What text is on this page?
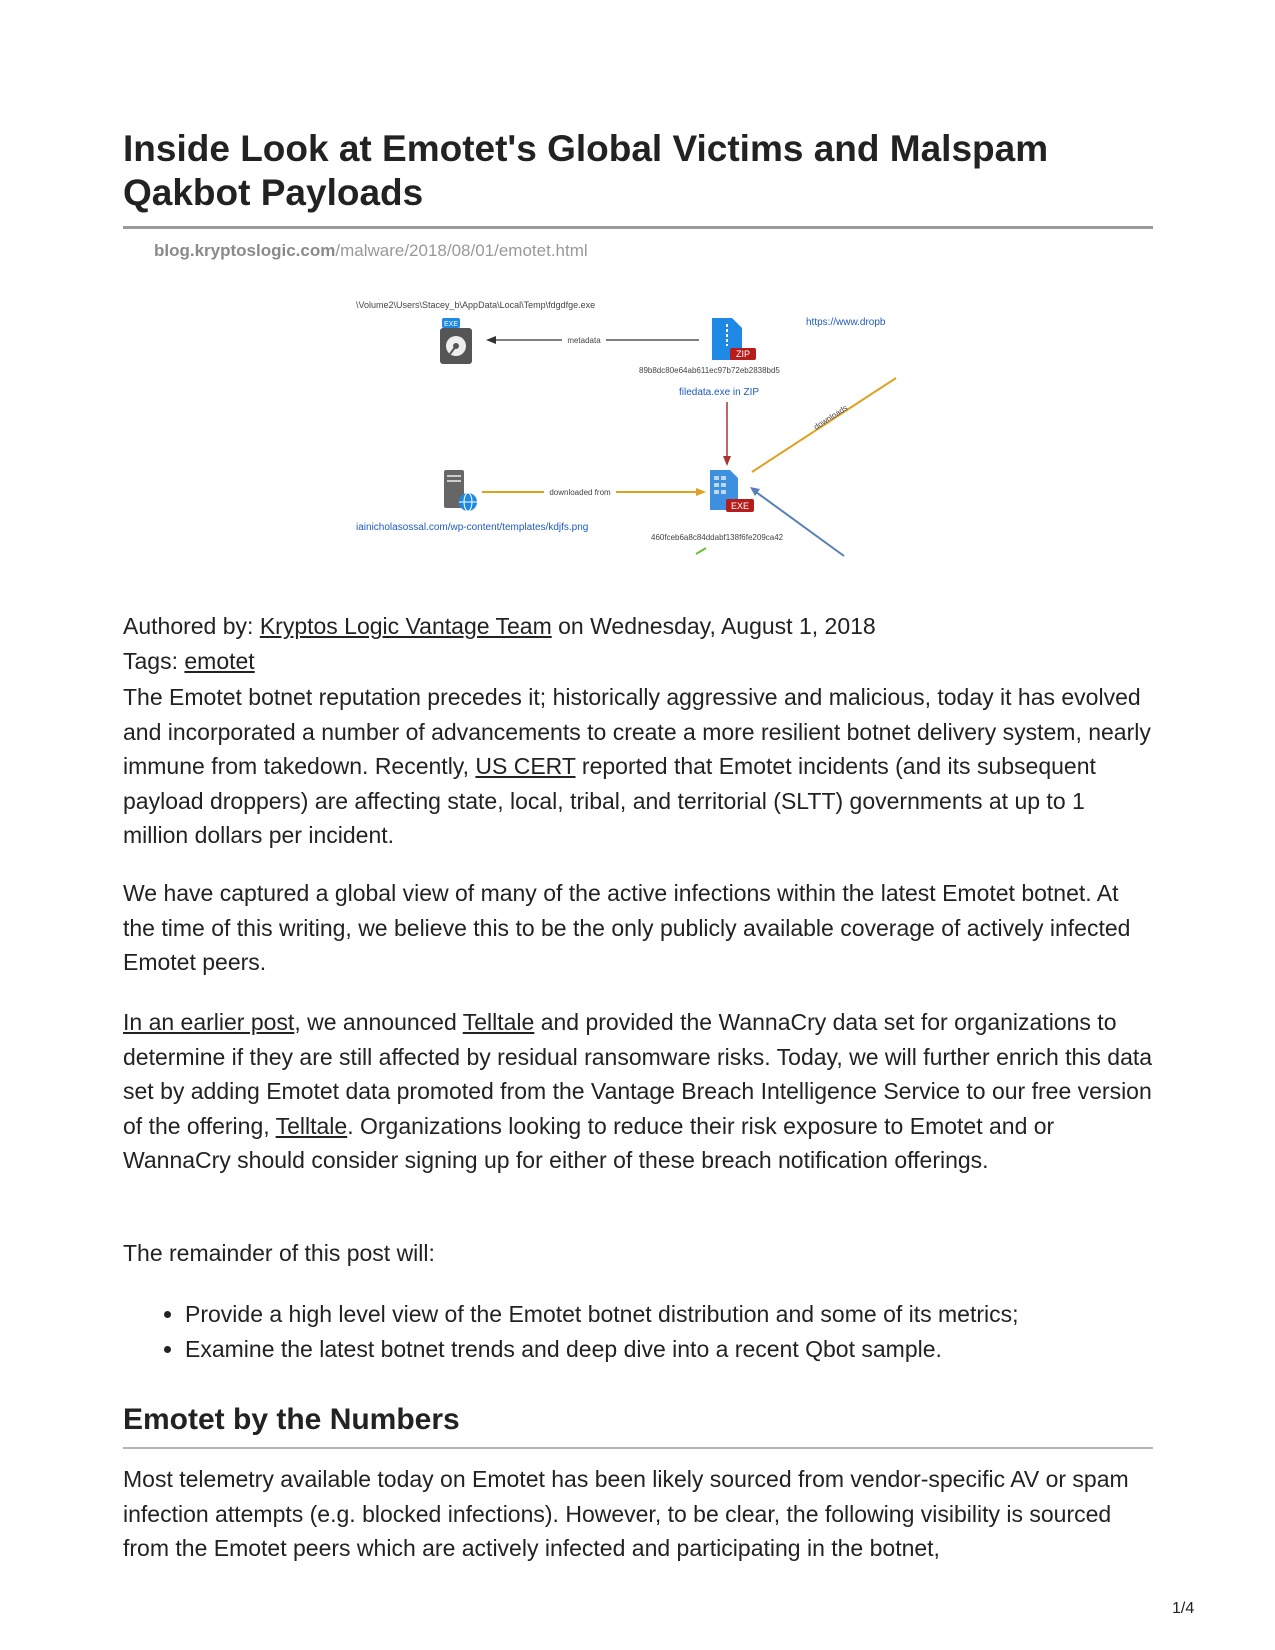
Inside Look at Emotet's Global Victims and Malspam Qakbot Payloads
blog.kryptoslogic.com/malware/2018/08/01/emotet.html
\Volume2\Users\Stacey_b\AppData\Local\Temp\fdgdfge.exe
EXE
metadata
https://www.dropb
ZIP
89b8dc80e64ab611ec97b72eb2838bd5
filedata.exe in ZIP
downloads
downloaded from
EXE
460fceb6a8c84ddabf138f6fe209ca42
iainicholasossal.com/wp-content/templates/kdjfs.png

Authored by: Kryptos Logic Vantage Team on Wednesday, August 1, 2018

Tags: emotet

The Emotet botnet reputation precedes it; historically aggressive and malicious, today it has evolved and incorporated a number of advancements to create a more resilient botnet delivery system, nearly immune from takedown. Recently, US CERT reported that Emotet incidents (and its subsequent payload droppers) are affecting state, local, tribal, and territorial (SLTT) governments at up to 1 million dollars per incident.

We have captured a global view of many of the active infections within the latest Emotet botnet. At the time of this writing, we believe this to be the only publicly available coverage of actively infected Emotet peers.

In an earlier post, we announced Telltale and provided the WannaCry data set for organizations to determine if they are still affected by residual ransomware risks. Today, we will further enrich this data set by adding Emotet data promoted from the Vantage Breach Intelligence Service to our free version of the offering, Telltale. Organizations looking to reduce their risk exposure to Emotet and or WannaCry should consider signing up for either of these breach notification offerings.

The remainder of this post will:

• Provide a high level view of the Emotet botnet distribution and some of its metrics;
• Examine the latest botnet trends and deep dive into a recent Qbot sample.
Emotet by the Numbers

Most telemetry available today on Emotet has been likely sourced from vendor-specific AV or spam infection attempts (e.g. blocked infections). However, to be clear, the following visibility is sourced from the Emotet peers which are actively infected and participating in the botnet,

1/4
